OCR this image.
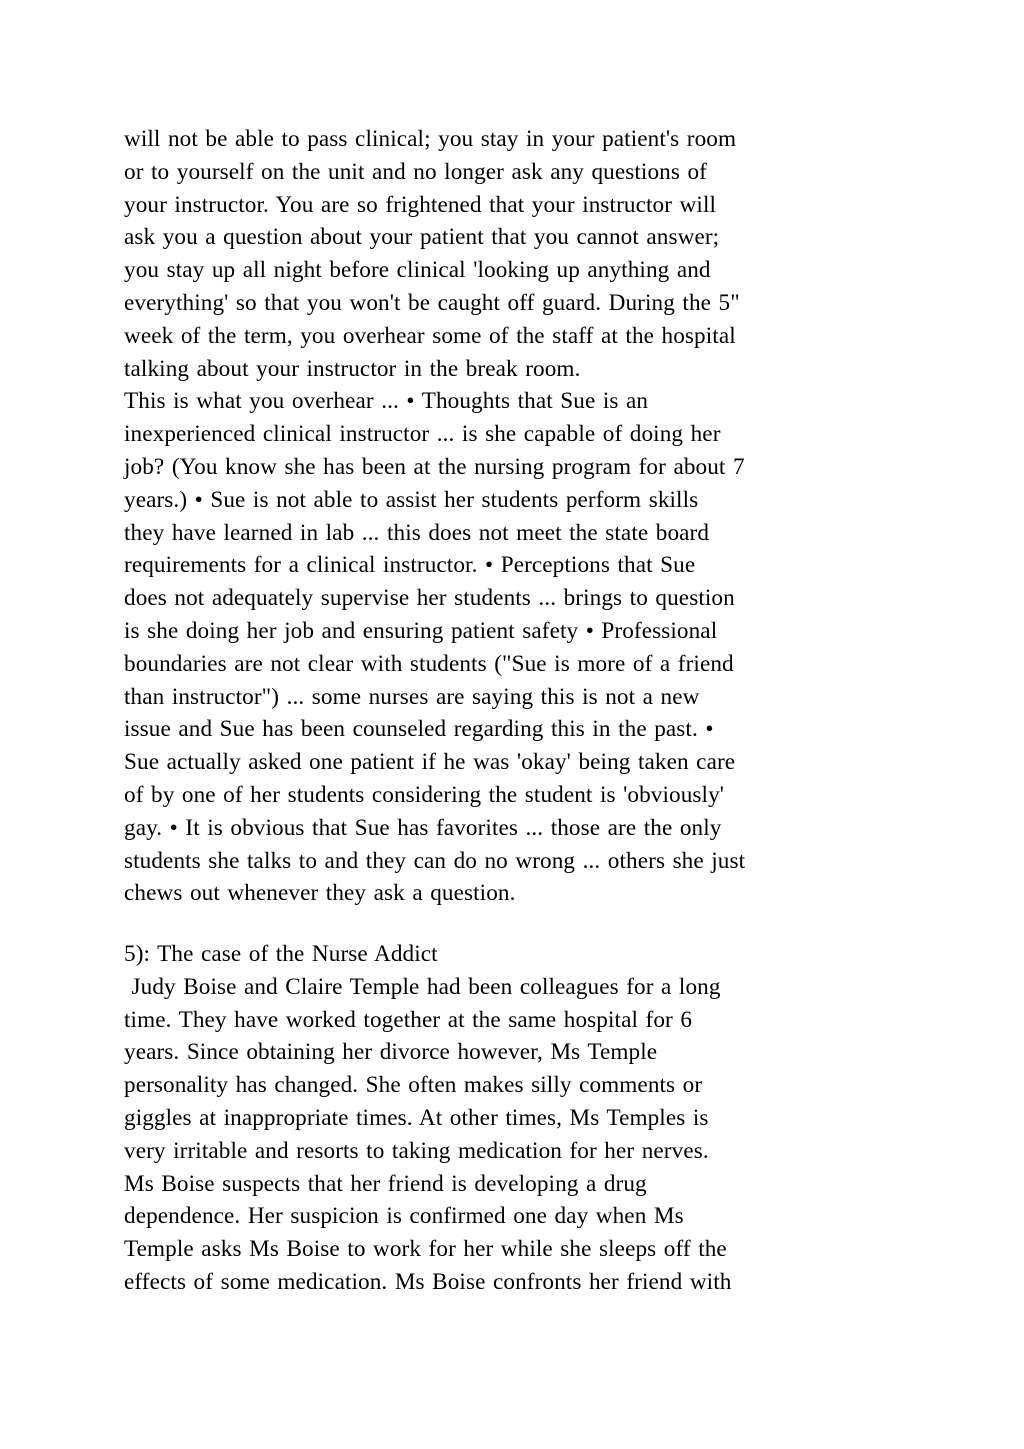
will not be able to pass clinical; you stay in your patient's room
or to yourself on the unit and no longer ask any questions of
your instructor. You are so frightened that your instructor will
ask you a question about your patient that you cannot answer;
you stay up all night before clinical 'looking up anything and
everything' so that you won't be caught off guard. During the 5"
week of the term, you overhear some of the staff at the hospital
talking about your instructor in the break room.
This is what you overhear ... • Thoughts that Sue is an
inexperienced clinical instructor ... is she capable of doing her
job? (You know she has been at the nursing program for about 7
years.) • Sue is not able to assist her students perform skills
they have learned in lab ... this does not meet the state board
requirements for a clinical instructor. • Perceptions that Sue
does not adequately supervise her students ... brings to question
is she doing her job and ensuring patient safety • Professional
boundaries are not clear with students ("Sue is more of a friend
than instructor") ... some nurses are saying this is not a new
issue and Sue has been counseled regarding this in the past. •
Sue actually asked one patient if he was 'okay' being taken care
of by one of her students considering the student is 'obviously'
gay. • It is obvious that Sue has favorites ... those are the only
students she talks to and they can do no wrong ... others she just
chews out whenever they ask a question.
5): The case of the Nurse Addict
Judy Boise and Claire Temple had been colleagues for a long
time. They have worked together at the same hospital for 6
years. Since obtaining her divorce however, Ms Temple
personality has changed. She often makes silly comments or
giggles at inappropriate times. At other times, Ms Temples is
very irritable and resorts to taking medication for her nerves.
Ms Boise suspects that her friend is developing a drug
dependence. Her suspicion is confirmed one day when Ms
Temple asks Ms Boise to work for her while she sleeps off the
effects of some medication. Ms Boise confronts her friend with
